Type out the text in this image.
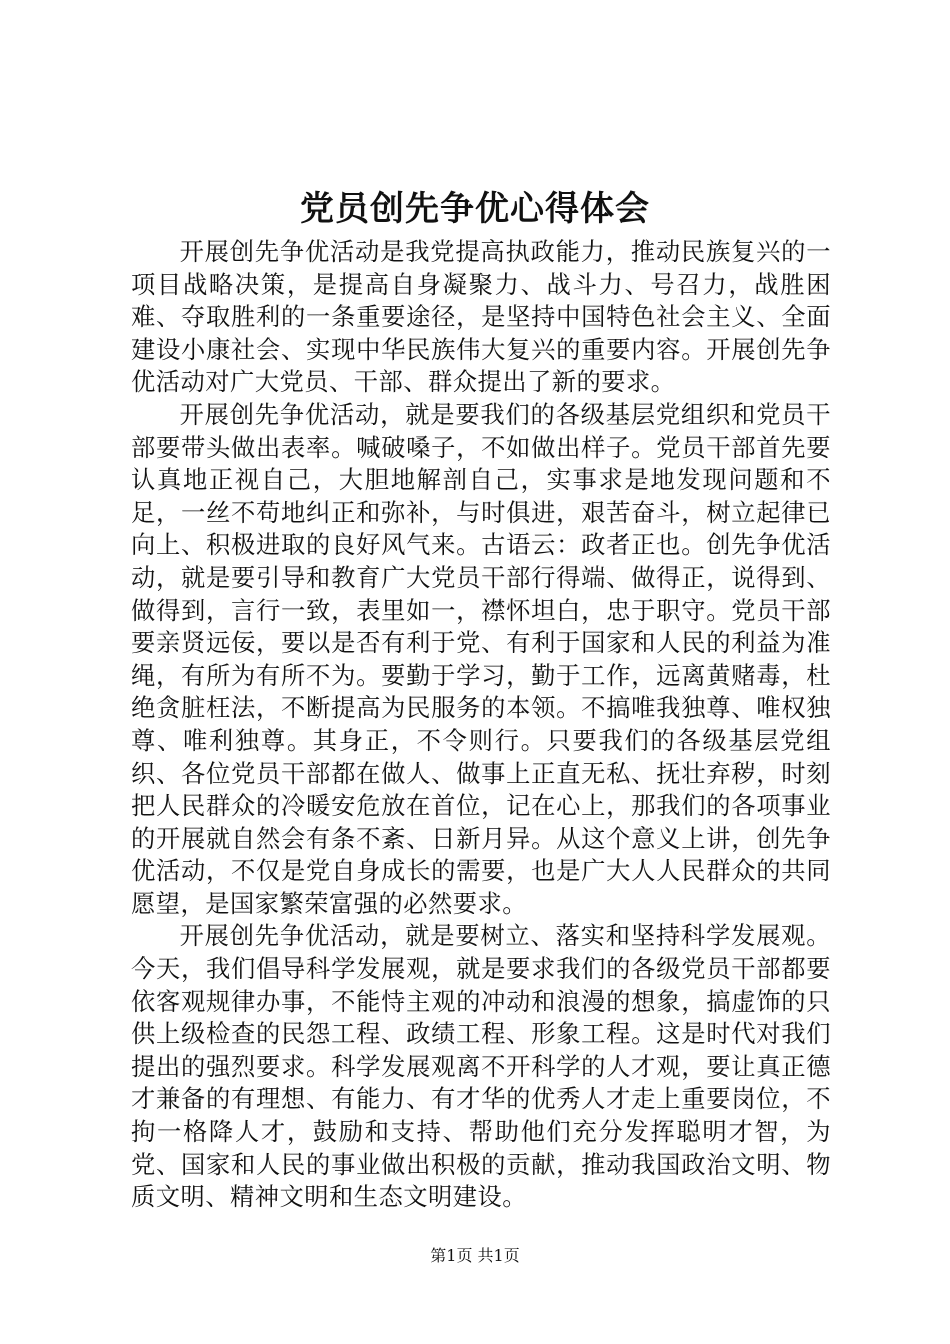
党员创先争优心得体会

开展创先争优活动是我党提高执政能力，推动民族复兴的一项目战略决策，是提高自身凝聚力、战斗力、号召力，战胜困难、夺取胜利的一条重要途径，是坚持中国特色社会主义、全面建设小康社会、实现中华民族伟大复兴的重要内容。开展创先争优活动对广大党员、干部、群众提出了新的要求。

开展创先争优活动，就是要我们的各级基层党组织和党员干部要带头做出表率。喊破嗓子，不如做出样子。党员干部首先要认真地正视自己，大胆地解剖自己，实事求是地发现问题和不足，一丝不苟地纠正和弥补，与时俱进，艰苦奋斗，树立起律已向上、积极进取的良好风气来。古语云：政者正也。创先争优活动，就是要引导和教育广大党员干部行得端、做得正，说得到、做得到，言行一致，表里如一，襟怀坦白，忠于职守。党员干部要亲贤远佞，要以是否有利于党、有利于国家和人民的利益为准绳，有所为有所不为。要勤于学习，勤于工作，远离黄赌毒，杜绝贪脏枉法，不断提高为民服务的本领。不搞唯我独尊、唯权独尊、唯利独尊。其身正，不令则行。只要我们的各级基层党组织、各位党员干部都在做人、做事上正直无私、抚壮弃秽，时刻把人民群众的冷暖安危放在首位，记在心上，那我们的各项事业的开展就自然会有条不紊、日新月异。从这个意义上讲，创先争优活动，不仅是党自身成长的需要，也是广大人人民群众的共同愿望，是国家繁荣富强的必然要求。

开展创先争优活动，就是要树立、落实和坚持科学发展观。今天，我们倡导科学发展观，就是要求我们的各级党员干部都要依客观规律办事，不能恃主观的冲动和浪漫的想象，搞虚饰的只供上级检查的民怨工程、政绩工程、形象工程。这是时代对我们提出的强烈要求。科学发展观离不开科学的人才观，要让真正德才兼备的有理想、有能力、有才华的优秀人才走上重要岗位，不拘一格降人才，鼓励和支持、帮助他们充分发挥聪明才智，为党、国家和人民的事业做出积极的贡献，推动我国政治文明、物质文明、精神文明和生态文明建设。

第1页 共1页
